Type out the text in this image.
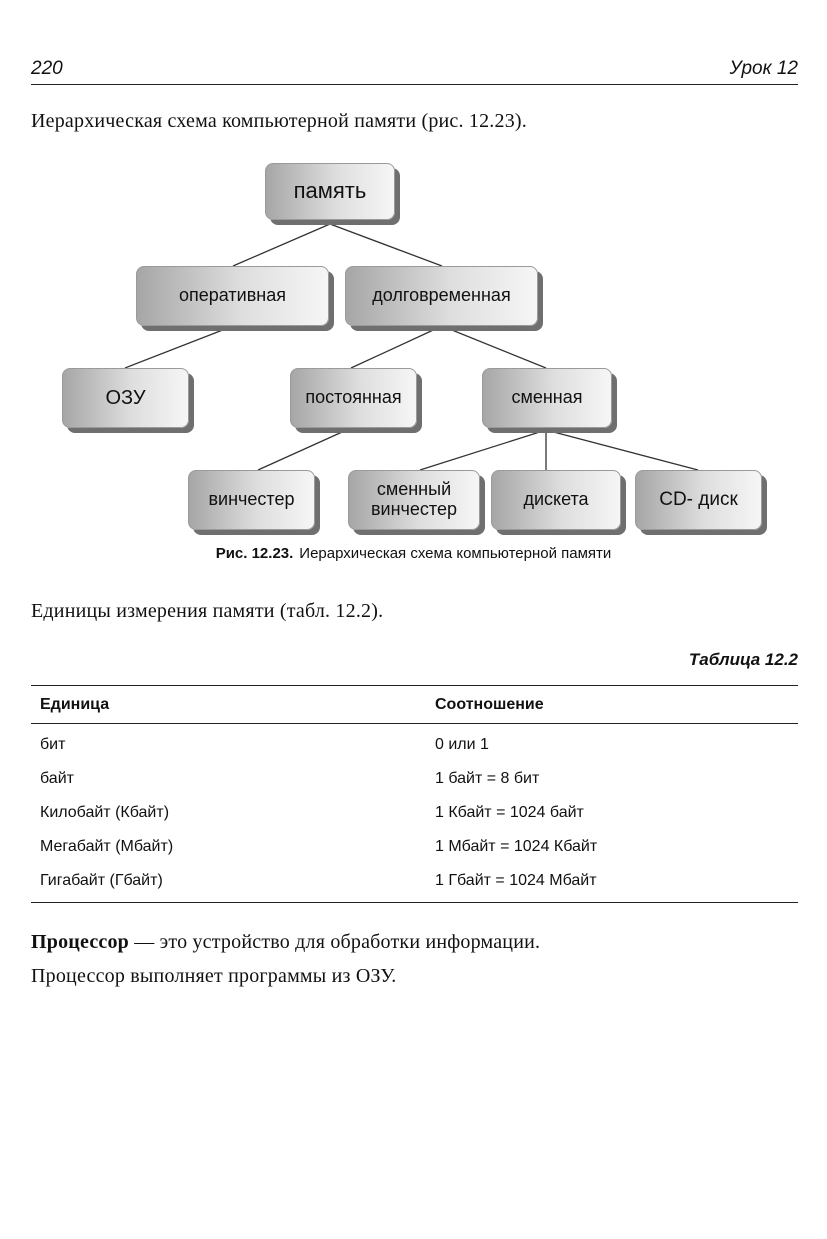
220	Урок 12
Иерархическая схема компьютерной памяти (рис. 12.23).
память
оперативная	долговременная
ОЗУ	постоянная	сменная
винчестер	сменный
винчестер	дискета	CD- диск
Рис. 12.23. Иерархическая схема компьютерной памяти
Единицы измерения памяти (табл. 12.2).
Таблица 12.2
Единица	Соотношение
бит	0 или 1
байт	1 байт = 8 бит
Килобайт (Кбайт)	1 Кбайт = 1024 байт
Мегабайт (Мбайт)	1 Мбайт = 1024 Кбайт
Гигабайт (Гбайт)	1 Гбайт = 1024 Мбайт
Процессор — это устройство для обработки информации.
Процессор выполняет программы из ОЗУ.
